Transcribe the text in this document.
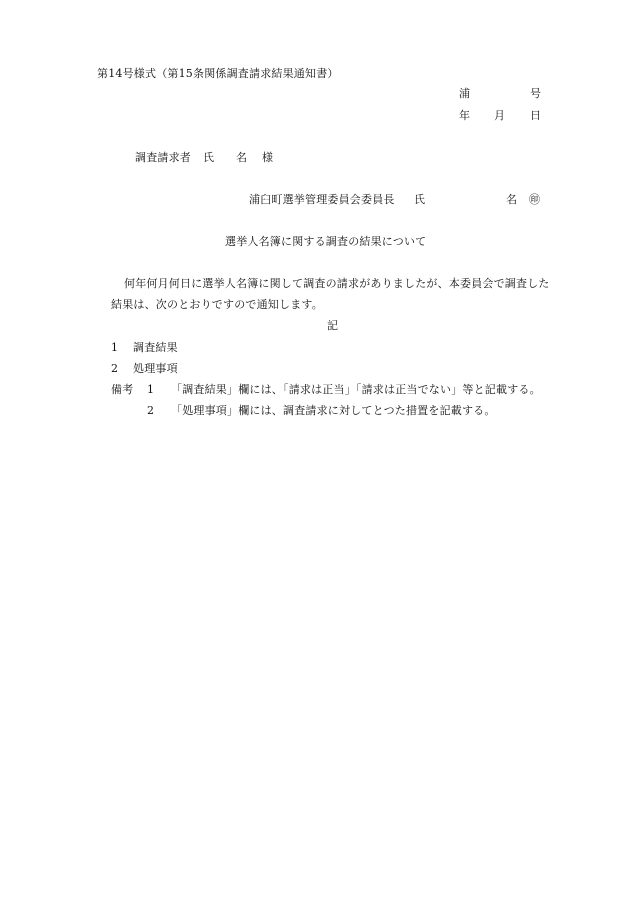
第14号様式（第15条関係調査請求結果通知書）
浦	号
年 月 日
調査請求者 氏 名 様
浦臼町選挙管理委員会委員長 氏	名 ㊞
選挙人名簿に関する調査の結果について
何年何月何日に選挙人名簿に関して調査の請求がありましたが、本委員会で調査した
結果は、次のとおりですので通知します。
記
1 調査結果
2 処理事項
備考 1 「調査結果」欄には、「請求は正当」「請求は正当でない」等と記載する。
2 「処理事項」欄には、調査請求に対してとつた措置を記載する。
